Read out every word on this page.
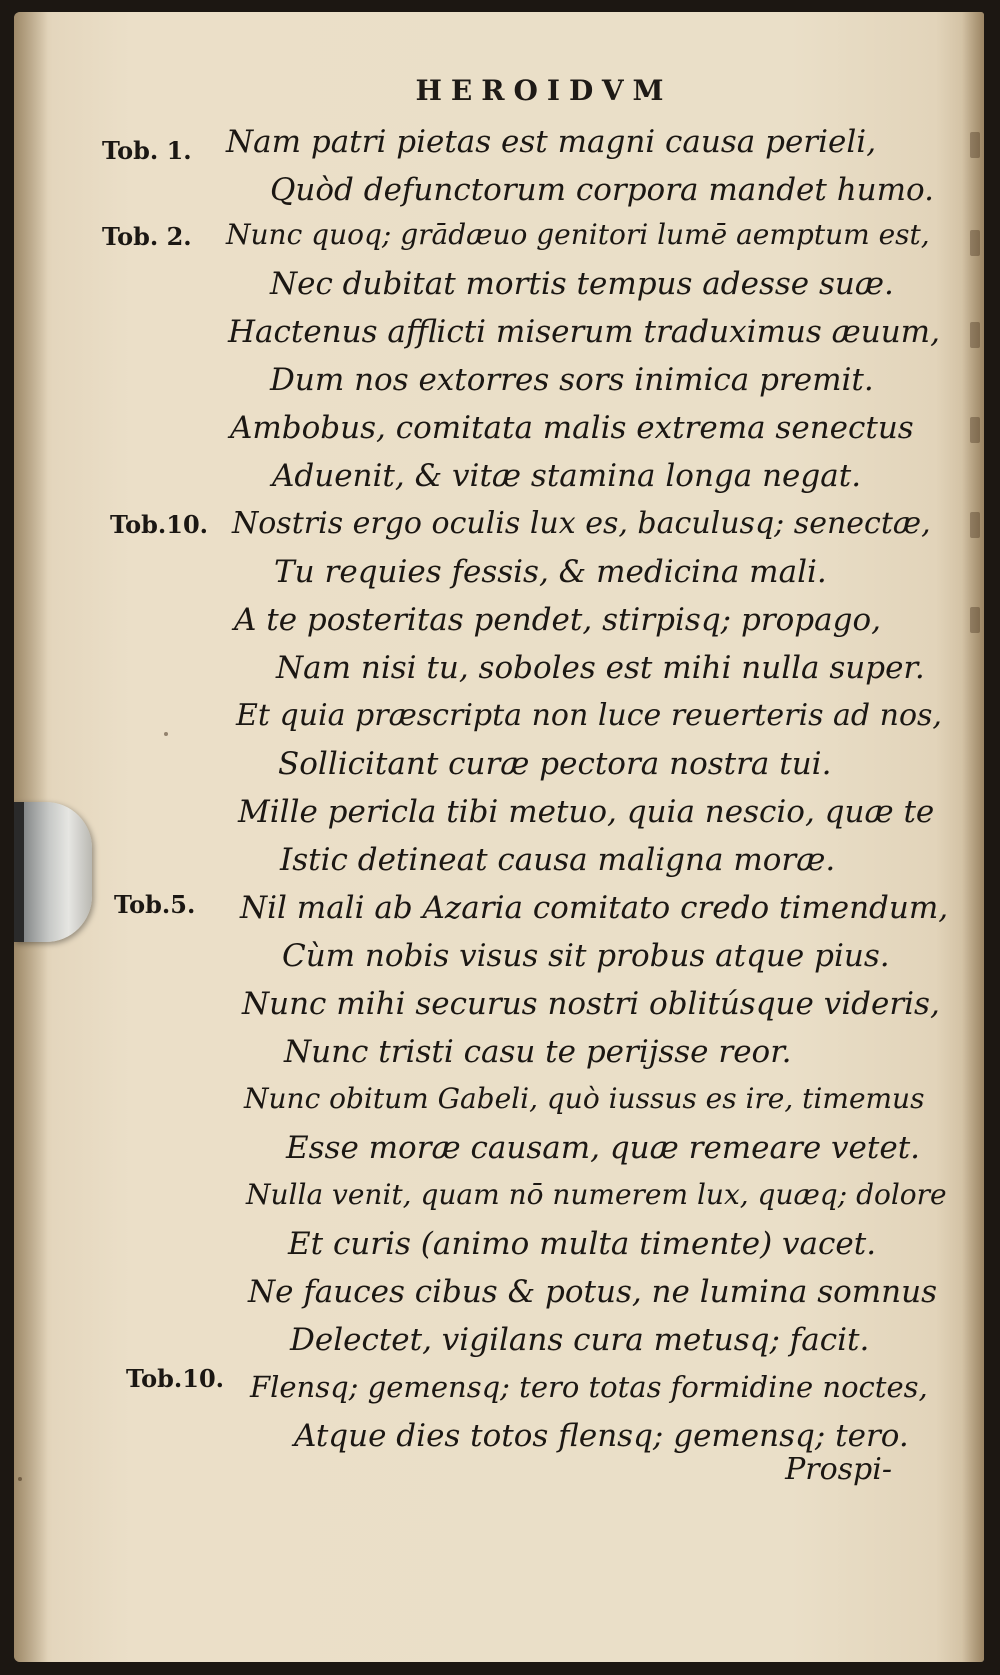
HEROIDVM
Tob. 1.
Tob. 2.
Tob.10.
Tob.5.
Tob.10.
Nam patri pietas est magni causa perieli,
Quòd defunctorum corpora mandet humo.
Nunc quoq; grādæuo genitori lumē aemptum est,
Nec dubitat mortis tempus adesse suæ.
Hactenus afflicti miserum traduximus æuum,
Dum nos extorres sors inimica premit.
Ambobus, comitata malis extrema senectus
Aduenit, & vitæ stamina longa negat.
Nostris ergo oculis lux es, baculusq; senectæ,
Tu requies fessis, & medicina mali.
A te posteritas pendet, stirpisq; propago,
Nam nisi tu, soboles est mihi nulla super.
Et quia præscripta non luce reuerteris ad nos,
Sollicitant curæ pectora nostra tui.
Mille pericla tibi metuo, quia nescio, quæ te
Istic detineat causa maligna moræ.
Nil mali ab Azaria comitato credo timendum,
Cùm nobis visus sit probus atque pius.
Nunc mihi securus nostri oblitúsque videris,
Nunc tristi casu te perijsse reor.
Nunc obitum Gabeli, quò iussus es ire, timemus
Esse moræ causam, quæ remeare vetet.
Nulla venit, quam nō numerem lux, quæq; dolore
Et curis (animo multa timente) vacet.
Ne fauces cibus & potus, ne lumina somnus
Delectet, vigilans cura metusq; facit.
Flensq; gemensq; tero totas formidine noctes,
Atque dies totos flensq; gemensq; tero.
Prospi-
